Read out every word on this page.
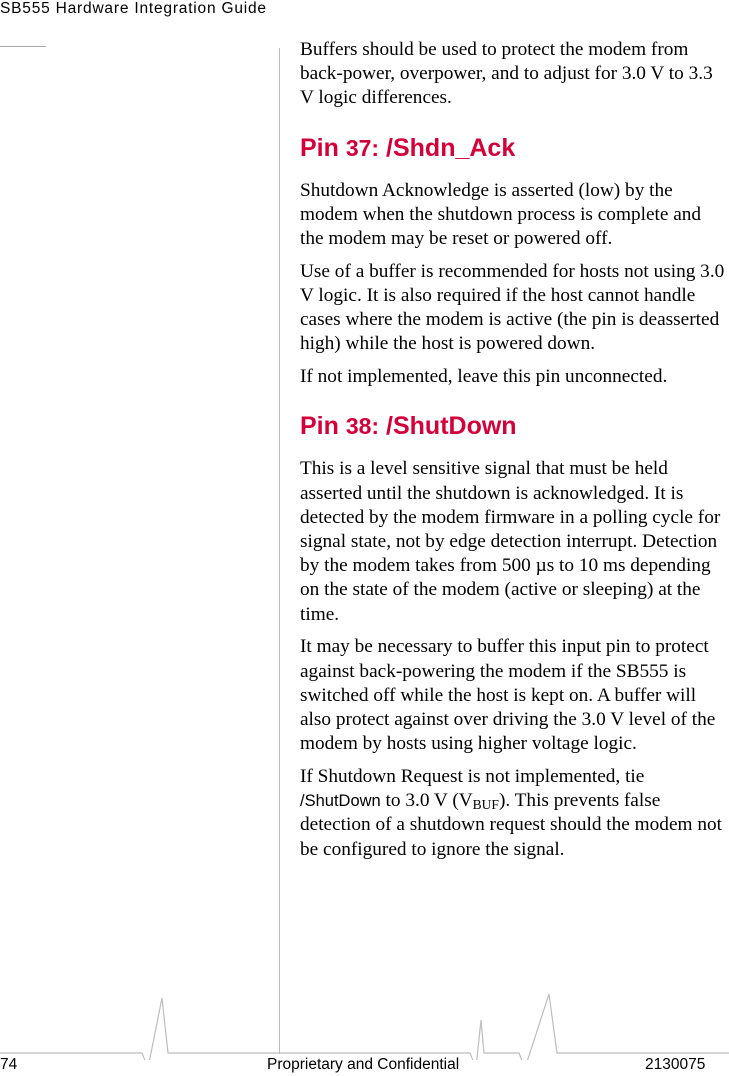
SB555 Hardware Integration Guide

Buffers should be used to protect the modem from back-power, overpower, and to adjust for 3.0 V to 3.3 V logic differences.

Pin 37: /Shdn_Ack

Shutdown Acknowledge is asserted (low) by the modem when the shutdown process is complete and the modem may be reset or powered off.

Use of a buffer is recommended for hosts not using 3.0 V logic. It is also required if the host cannot handle cases where the modem is active (the pin is deasserted high) while the host is powered down.

If not implemented, leave this pin unconnected.

Pin 38: /ShutDown

This is a level sensitive signal that must be held asserted until the shutdown is acknowledged. It is detected by the modem firmware in a polling cycle for signal state, not by edge detection interrupt. Detection by the modem takes from 500 µs to 10 ms depending on the state of the modem (active or sleeping) at the time.

It may be necessary to buffer this input pin to protect against back-powering the modem if the SB555 is switched off while the host is kept on. A buffer will also protect against over driving the 3.0 V level of the modem by hosts using higher voltage logic.

If Shutdown Request is not implemented, tie /ShutDown to 3.0 V $(V_{BUF})$. This prevents false detection of a shutdown request should the modem not be configured to ignore the signal.

74	Proprietary and Confidential	2130075
